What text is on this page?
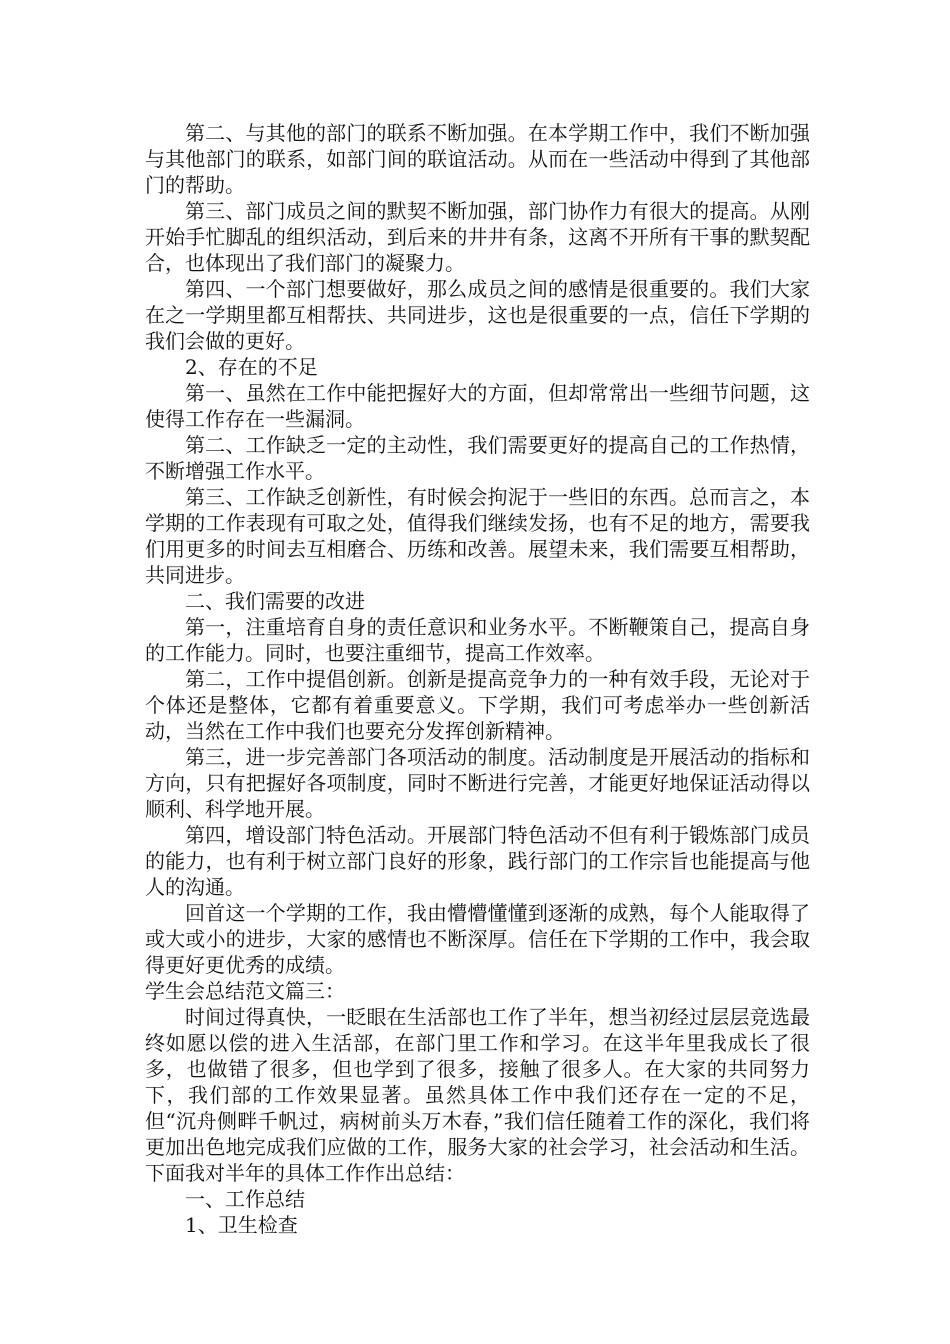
第二、与其他的部门的联系不断加强。在本学期工作中，我们不断加强与其他部门的联系，如部门间的联谊活动。从而在一些活动中得到了其他部门的帮助。

第三、部门成员之间的默契不断加强，部门协作力有很大的提高。从刚开始手忙脚乱的组织活动，到后来的井井有条，这离不开所有干事的默契配合，也体现出了我们部门的凝聚力。

第四、一个部门想要做好，那么成员之间的感情是很重要的。我们大家在之一学期里都互相帮扶、共同进步，这也是很重要的一点，信任下学期的我们会做的更好。

2、存在的不足

第一、虽然在工作中能把握好大的方面，但却常常出一些细节问题，这使得工作存在一些漏洞。

第二、工作缺乏一定的主动性，我们需要更好的提高自己的工作热情，不断增强工作水平。

第三、工作缺乏创新性，有时候会拘泥于一些旧的东西。总而言之，本学期的工作表现有可取之处，值得我们继续发扬，也有不足的地方，需要我们用更多的时间去互相磨合、历练和改善。展望未来，我们需要互相帮助，共同进步。

二、我们需要的改进

第一，注重培育自身的责任意识和业务水平。不断鞭策自己，提高自身的工作能力。同时，也要注重细节，提高工作效率。

第二，工作中提倡创新。创新是提高竞争力的一种有效手段，无论对于个体还是整体，它都有着重要意义。下学期，我们可考虑举办一些创新活动，当然在工作中我们也要充分发挥创新精神。

第三，进一步完善部门各项活动的制度。活动制度是开展活动的指标和方向，只有把握好各项制度，同时不断进行完善，才能更好地保证活动得以顺利、科学地开展。

第四，增设部门特色活动。开展部门特色活动不但有利于锻炼部门成员的能力，也有利于树立部门良好的形象，践行部门的工作宗旨也能提高与他人的沟通。

回首这一个学期的工作，我由懵懵懂懂到逐渐的成熟，每个人能取得了或大或小的进步，大家的感情也不断深厚。信任在下学期的工作中，我会取得更好更优秀的成绩。

学生会总结范文篇三：

时间过得真快，一眨眼在生活部也工作了半年，想当初经过层层竞选最终如愿以偿的进入生活部，在部门里工作和学习。在这半年里我成长了很多，也做错了很多，但也学到了很多，接触了很多人。在大家的共同努力下，我们部的工作效果显著。虽然具体工作中我们还存在一定的不足，但“沉舟侧畔千帆过，病树前头万木春，”我们信任随着工作的深化，我们将更加出色地完成我们应做的工作，服务大家的社会学习，社会活动和生活。下面我对半年的具体工作作出总结：

一、工作总结

1、卫生检查
